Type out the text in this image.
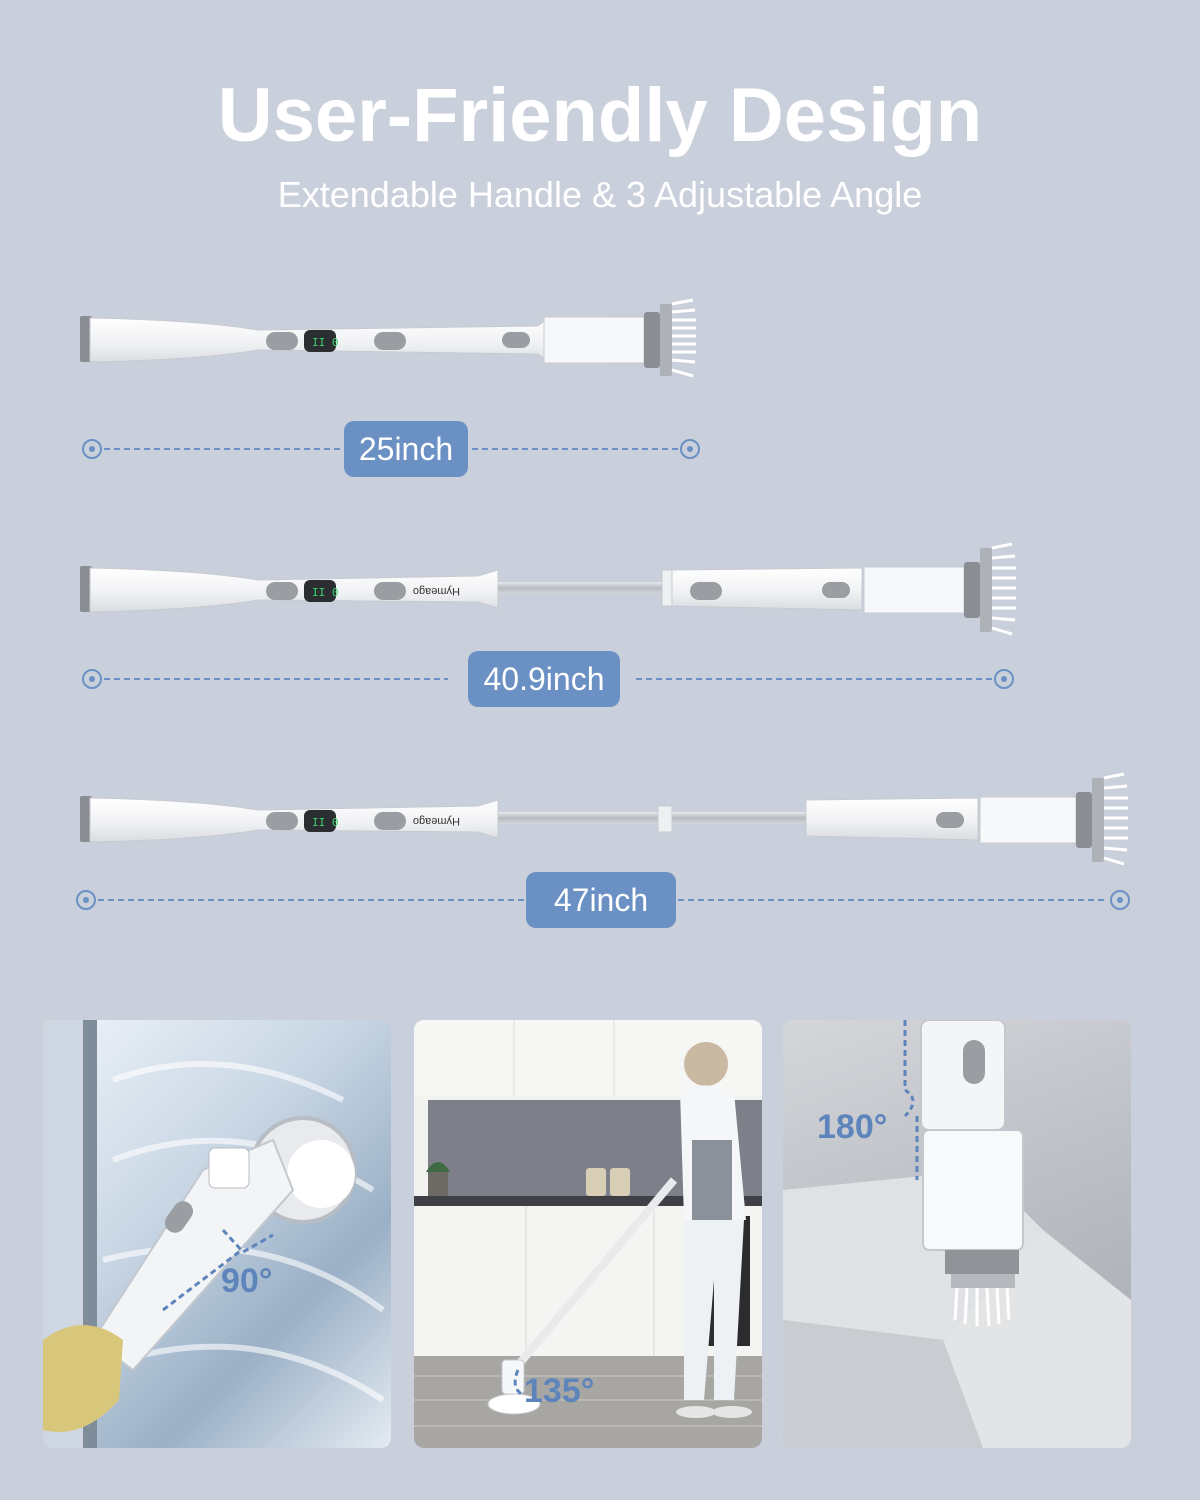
User-Friendly Design
Extendable Handle & 3 Adjustable Angle
II 0
25inch
II 0	Hymeago
40.9inch
II 0	Hymeago
47inch
90°
135°
180°
